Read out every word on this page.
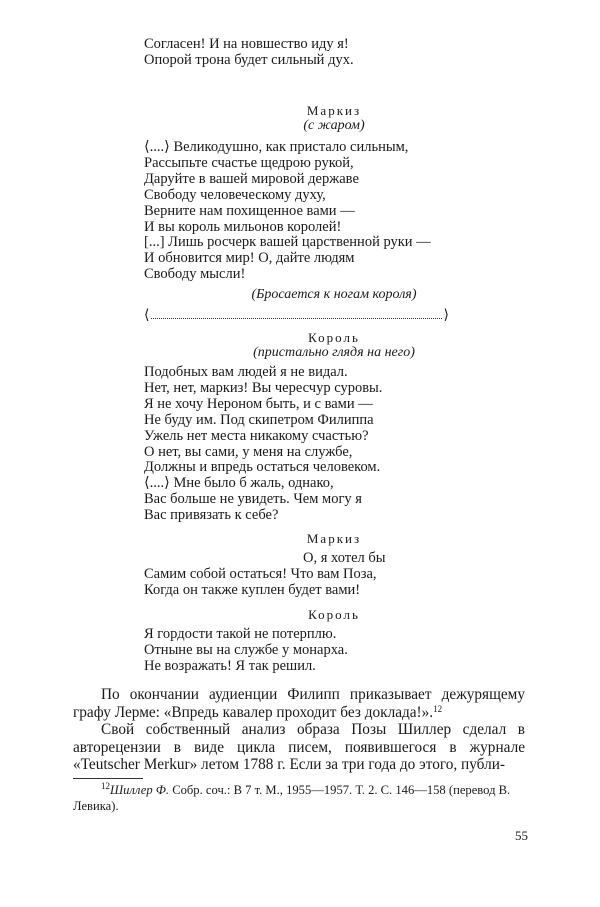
Согласен! И на новшество иду я!
Опорой трона будет сильный дух.
Маркиз
(с жаром)
⟨....⟩ Великодушно, как пристало сильным,
Рассыпьте счастье щедрою рукой,
Даруйте в вашей мировой державе
Свободу человеческому духу,
Верните нам похищенное вами —
И вы король мильонов королей!
[...] Лишь росчерк вашей царственной руки —
И обновится мир! О, дайте людям
Свободу мысли!
(Бросается к ногам короля)
⟨	⟩
Король
(пристально глядя на него)
Подобных вам людей я не видал.
Нет, нет, маркиз! Вы чересчур суровы.
Я не хочу Нероном быть, и с вами —
Не буду им. Под скипетром Филиппа
Ужель нет места никакому счастью?
О нет, вы сами, у меня на службе,
Должны и впредь остаться человеком.
⟨....⟩ Мне было б жаль, однако,
Вас больше не увидеть. Чем могу я
Вас привязать к себе?
Маркиз
О, я хотел бы
Самим собой остаться! Что вам Поза,
Когда он также куплен будет вами!
Король
Я гордости такой не потерплю.
Отныне вы на службе у монарха.
Не возражать! Я так решил.

По окончании аудиенции Филипп приказывает дежурящему графу Лерме: «Впредь кавалер проходит без доклада!».$^{12}$

Свой собственный анализ образа Позы Шиллер сделал в авторецензии в виде цикла писем, появившегося в журнале «Teutscher Merkur» летом 1788 г. Если за три года до этого, публи-

$^{12}$Шиллер Ф. Собр. соч.: В 7 т. М., 1955—1957. Т. 2. С. 146—158 (перевод В. Левика).

55
